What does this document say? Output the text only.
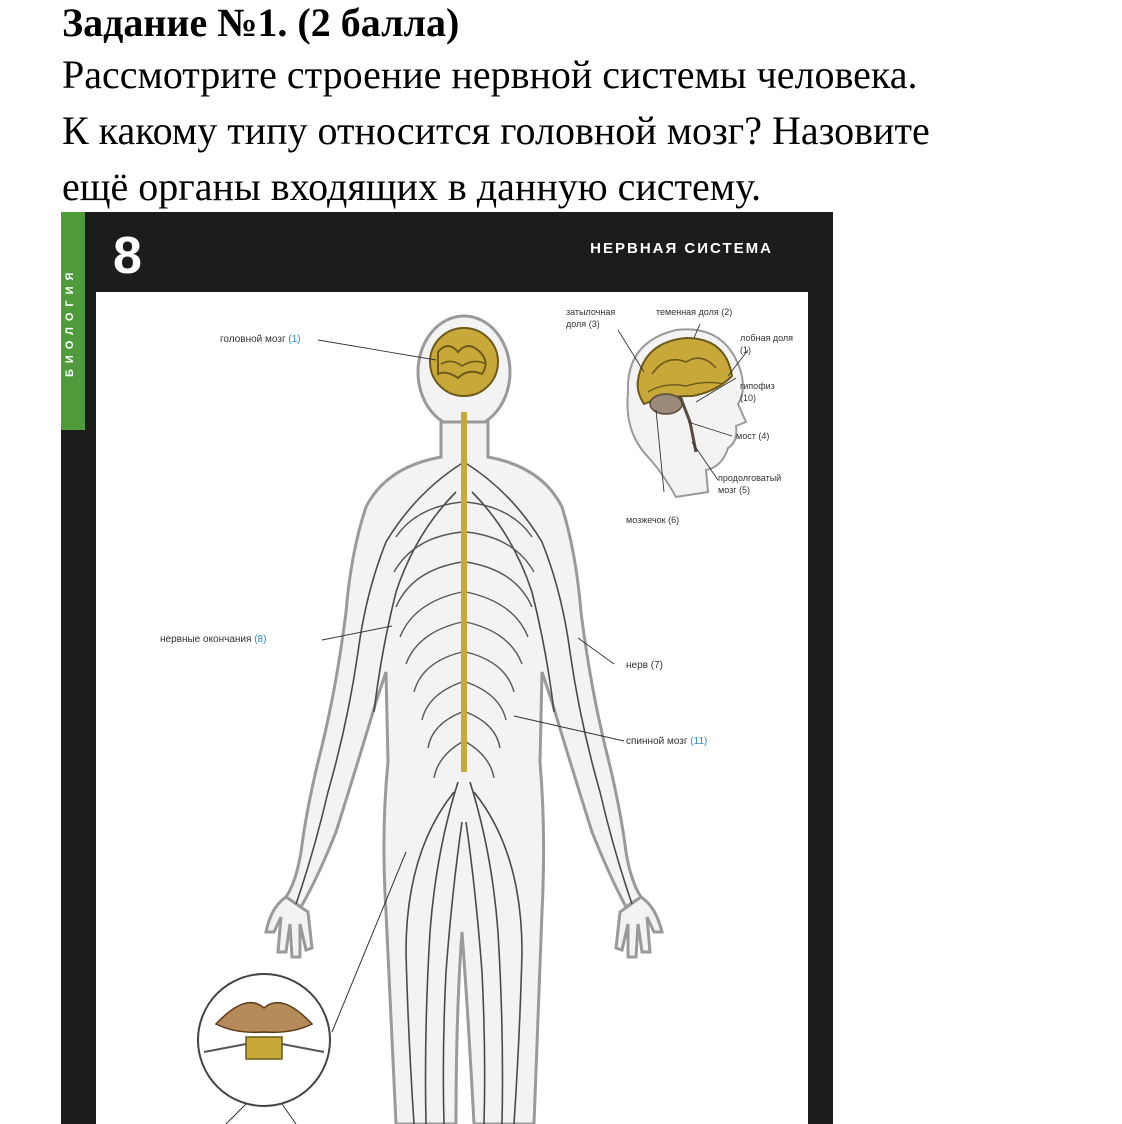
Задание №1. (2 балла)
Рассмотрите строение нервной системы человека.
К какому типу относится головной мозг? Назовите
ещё органы входящих в данную систему.
БИОЛОГИЯ
8	НЕРВНАЯ СИСТЕМА
головной мозг (1)
нервные окончания (8)
нерв (7)
спинной мозг (11)
затылочная
доля (3)
теменная доля (2)
лобная доля
(1)
гипофиз
(10)
мост (4)
продолговатый
мозг (5)
мозжечок (6)
